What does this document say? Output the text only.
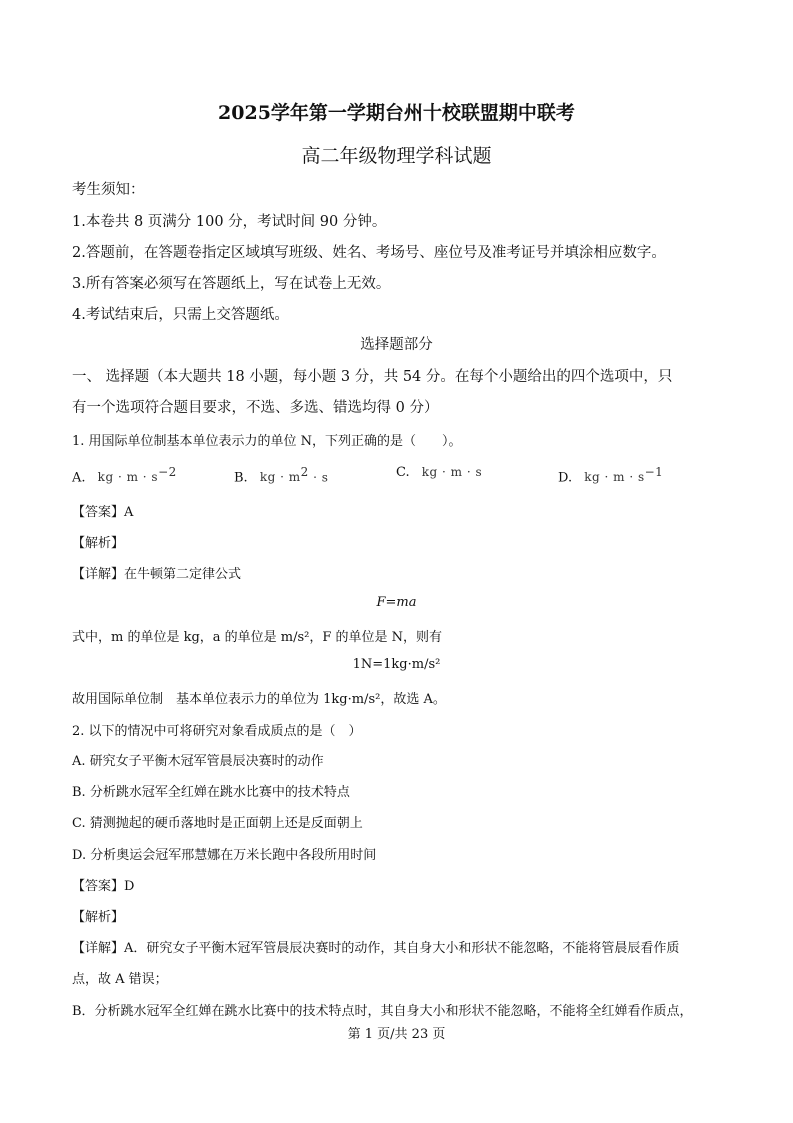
2025学年第一学期台州十校联盟期中联考
高二年级物理学科试题
考生须知：
1.本卷共 8 页满分 100 分，考试时间 90 分钟。
2.答题前，在答题卷指定区域填写班级、姓名、考场号、座位号及准考证号并填涂相应数字。
3.所有答案必须写在答题纸上，写在试卷上无效。
4.考试结束后，只需上交答题纸。
选择题部分
一、 选择题（本大题共 18 小题，每小题 3 分，共 54 分。在每个小题给出的四个选项中，只
有一个选项符合题目要求，不选、多选、错选均得 0 分）
1. 用国际单位制基本单位表示力的单位 N，下列正确的是（　　）。
A. kg · $m \cdot s^{-2}$	B. kg · $m^2 \cdot s$	C. kg · m · s	D. kg · $m \cdot s^{-1}$
【答案】A
【解析】
【详解】在牛顿第二定律公式
F=ma
式中，m 的单位是 kg，a 的单位是 m/s²，F 的单位是 N，则有
1N=1kg·m/s²
故用国际单位制　基本单位表示力的单位为 1kg·m/s²，故选 A。
2. 以下的情况中可将研究对象看成质点的是（　）
A. 研究女子平衡木冠军管晨辰决赛时的动作
B. 分析跳水冠军全红婵在跳水比赛中的技术特点
C. 猜测抛起的硬币落地时是正面朝上还是反面朝上
D. 分析奥运会冠军邢慧娜在万米长跑中各段所用时间
【答案】D
【解析】
【详解】A．研究女子平衡木冠军管晨辰决赛时的动作，其自身大小和形状不能忽略，不能将管晨辰看作质
点，故 A 错误；
B．分析跳水冠军全红婵在跳水比赛中的技术特点时，其自身大小和形状不能忽略，不能将全红婵看作质点，
第 1 页/共 23 页
